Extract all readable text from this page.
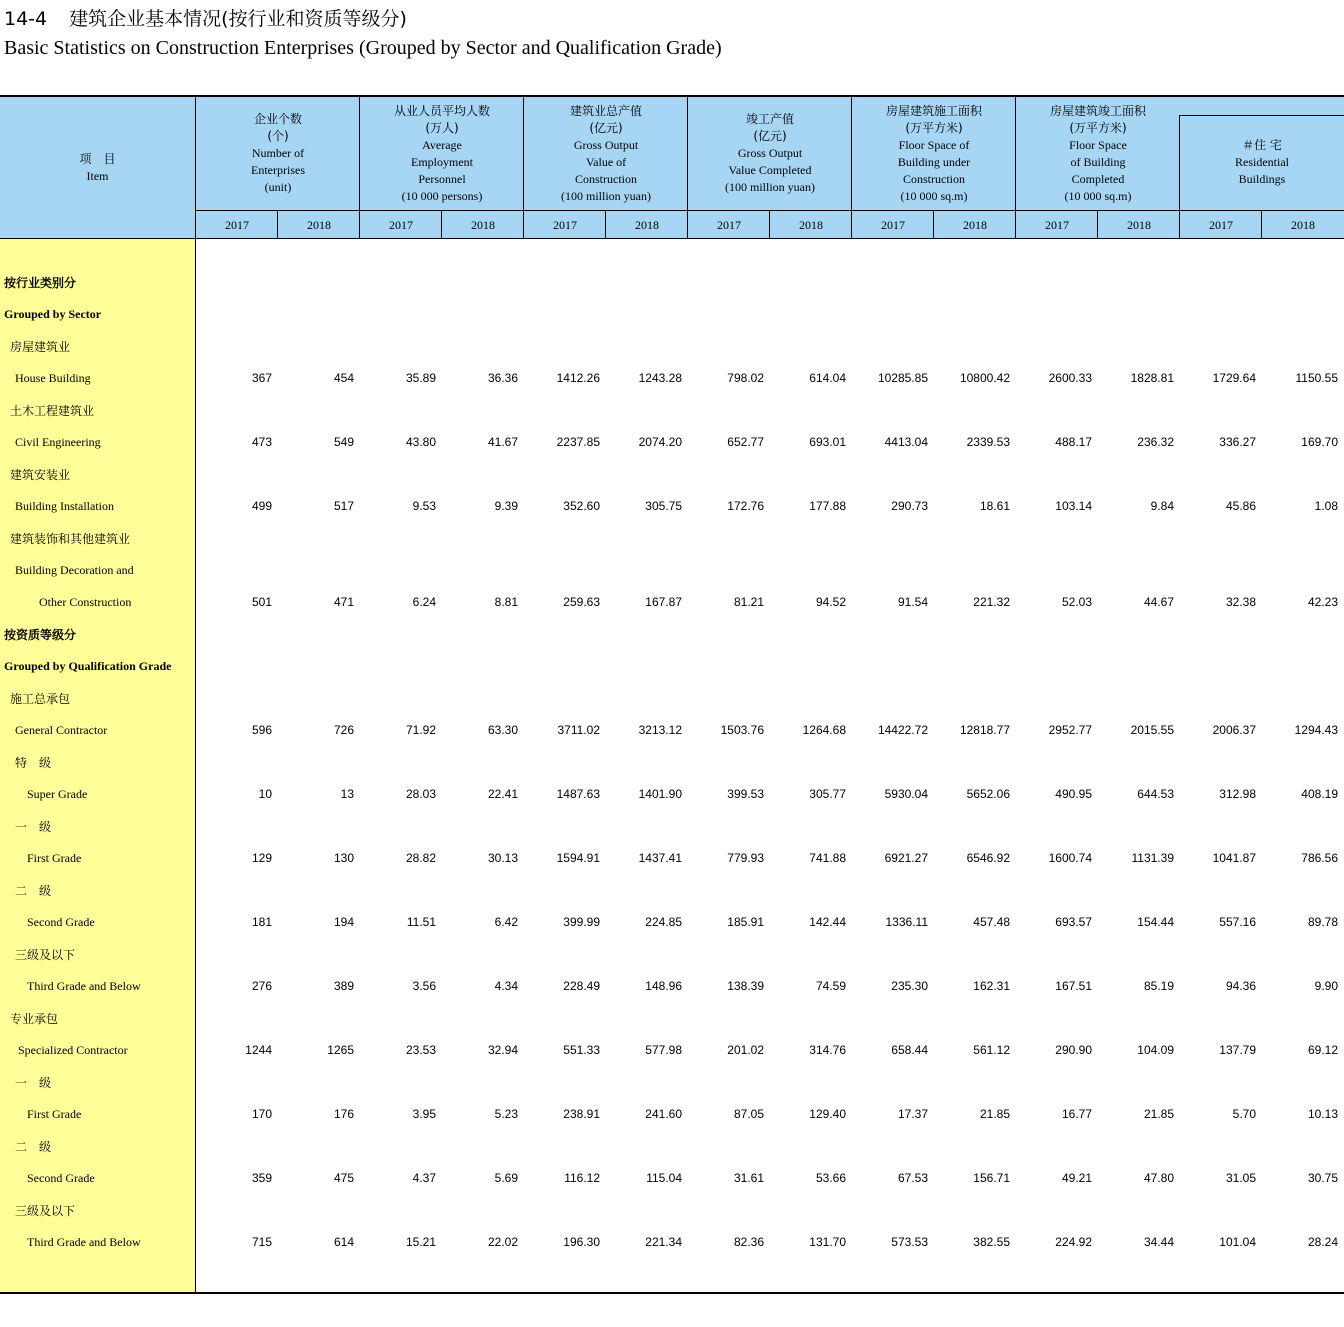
14-4 建筑企业基本情况(按行业和资质等级分)
Basic Statistics on Construction Enterprises (Grouped by Sector and Qualification Grade)
项　目
Item
企业个数
(个)
Number of
Enterprises
(unit)
2017	2018
从业人员平均人数
(万人)
Average
Employment
Personnel
(10 000 persons)
2017	2018
建筑业总产值
(亿元)
Gross Output
Value of
Construction
(100 million yuan)
2017	2018
竣工产值
(亿元)
Gross Output
Value Completed
(100 million yuan)
2017	2018
房屋建筑施工面积
(万平方米)
Floor Space of
Building under
Construction
(10 000 sq.m)
2017	2018
房屋建筑竣工面积
(万平方米)
Floor Space
of Building
Completed
(10 000 sq.m)
2017	2018
＃住 宅
Residential
Buildings
2017	2018
按行业类别分
Grouped by Sector
房屋建筑业
House Building	367	454	35.89	36.36	1412.26	1243.28	798.02	614.04	10285.85	10800.42	2600.33	1828.81	1729.64	1150.55
土木工程建筑业
Civil Engineering	473	549	43.80	41.67	2237.85	2074.20	652.77	693.01	4413.04	2339.53	488.17	236.32	336.27	169.70
建筑安装业
Building Installation	499	517	9.53	9.39	352.60	305.75	172.76	177.88	290.73	18.61	103.14	9.84	45.86	1.08
建筑装饰和其他建筑业
Building Decoration and
Other Construction	501	471	6.24	8.81	259.63	167.87	81.21	94.52	91.54	221.32	52.03	44.67	32.38	42.23
按资质等级分
Grouped by Qualification Grade
施工总承包
General Contractor	596	726	71.92	63.30	3711.02	3213.12	1503.76	1264.68	14422.72	12818.77	2952.77	2015.55	2006.37	1294.43
特　级
Super Grade	10	13	28.03	22.41	1487.63	1401.90	399.53	305.77	5930.04	5652.06	490.95	644.53	312.98	408.19
一　级
First Grade	129	130	28.82	30.13	1594.91	1437.41	779.93	741.88	6921.27	6546.92	1600.74	1131.39	1041.87	786.56
二　级
Second Grade	181	194	11.51	6.42	399.99	224.85	185.91	142.44	1336.11	457.48	693.57	154.44	557.16	89.78
三级及以下
Third Grade and Below	276	389	3.56	4.34	228.49	148.96	138.39	74.59	235.30	162.31	167.51	85.19	94.36	9.90
专业承包
Specialized Contractor	1244	1265	23.53	32.94	551.33	577.98	201.02	314.76	658.44	561.12	290.90	104.09	137.79	69.12
一　级
First Grade	170	176	3.95	5.23	238.91	241.60	87.05	129.40	17.37	21.85	16.77	21.85	5.70	10.13
二　级
Second Grade	359	475	4.37	5.69	116.12	115.04	31.61	53.66	67.53	156.71	49.21	47.80	31.05	30.75
三级及以下
Third Grade and Below	715	614	15.21	22.02	196.30	221.34	82.36	131.70	573.53	382.55	224.92	34.44	101.04	28.24
